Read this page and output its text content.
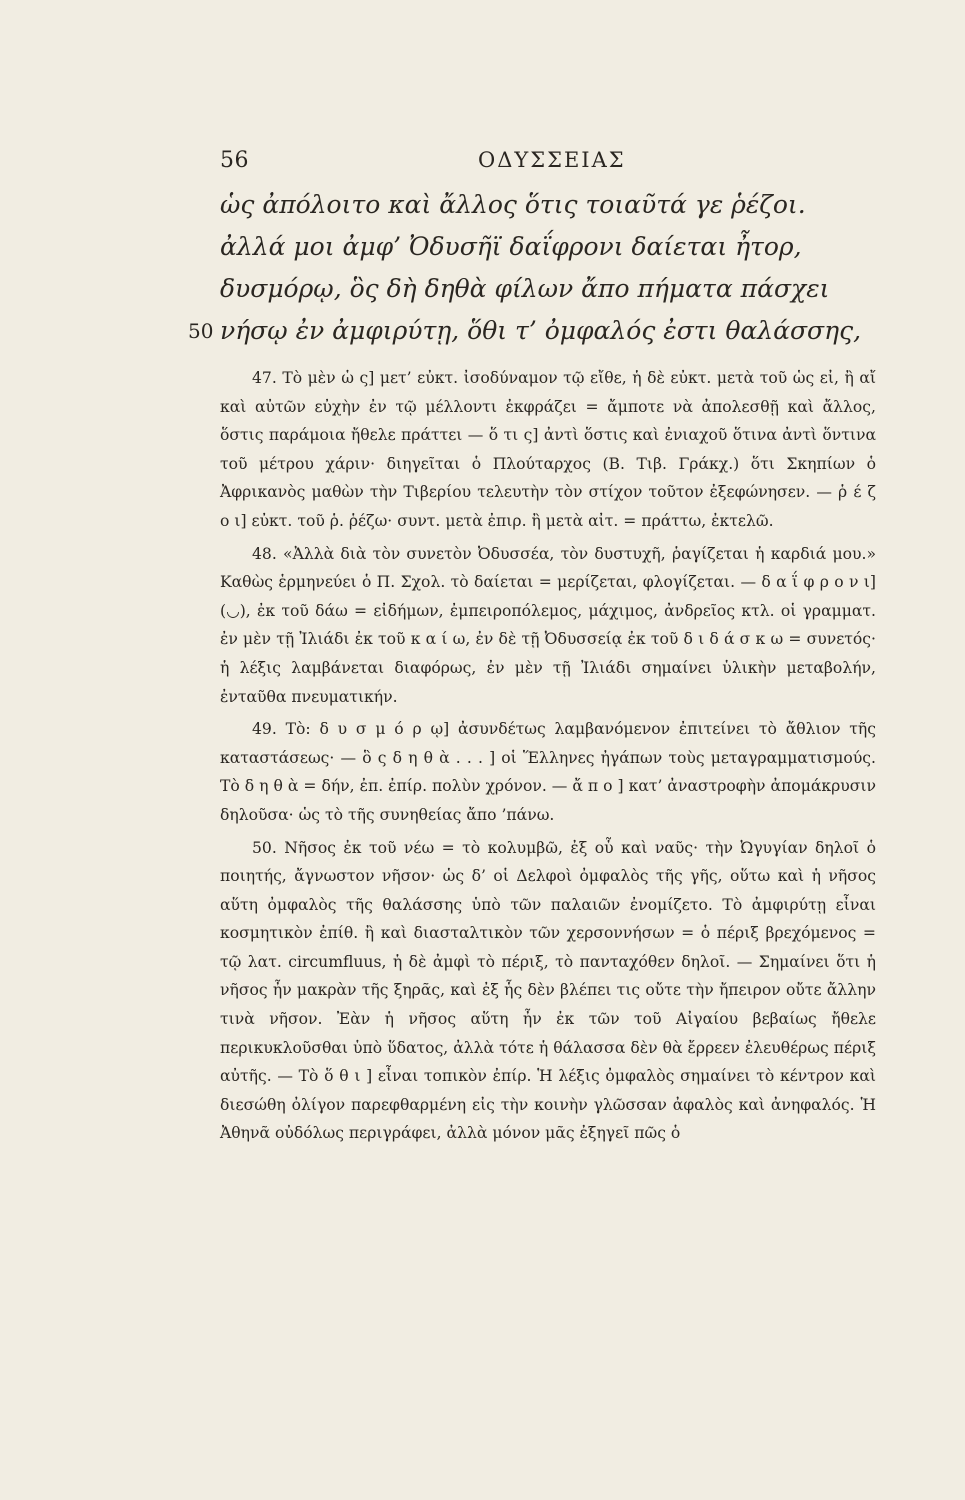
56	ΟΔΥΣΣΕΙΑΣ
ὡς ἀπόλοιτο καὶ ἄλλος ὅτις τοιαῦτά γε ῥέζοι.
ἀλλά μοι ἀμφ’ Ὀδυσῆϊ δαΐφρονι δαίεται ἦτορ,
δυσμόρῳ, ὃς δὴ δηθὰ φίλων ἄπο πήματα πάσχει
50 νήσῳ ἐν ἀμφιρύτῃ, ὅθι τ’ ὀμφαλός ἐστι θαλάσσης,

47. Τὸ μὲν ὡ ς] μετ’ εὐκτ. ἰσοδύναμον τῷ εἴθε, ἡ δὲ εὐκτ. μετὰ τοῦ ὡς εἰ, ἢ αἴ καὶ αὐτῶν εὐχὴν ἐν τῷ μέλλοντι ἐκφράζει = ἄμποτε νὰ ἀπολεσθῇ καὶ ἄλλος, ὅστις παράμοια ἤθελε πράττει — ὅ τι ς] ἀντὶ ὅστις καὶ ἐνιαχοῦ ὅτινα ἀντὶ ὅντινα τοῦ μέτρου χάριν· διηγεῖται ὁ Πλούταρχος (Β. Τιβ. Γράκχ.) ὅτι Σκηπίων ὁ Ἀφρικανὸς μαθὼν τὴν Τιβερίου τελευτὴν τὸν στίχον τοῦτον ἐξεφώνησεν. — ῥ έ ζ ο ι] εὐκτ. τοῦ ῥ. ῥέζω· συντ. μετὰ ἐπιρ. ἢ μετὰ αἰτ. = πράττω, ἐκτελῶ.

48. «Ἀλλὰ διὰ τὸν συνετὸν Ὀδυσσέα, τὸν δυστυχῆ, ῥαγίζεται ἡ καρδιά μου.» Καθὼς ἑρμηνεύει ὁ Π. Σχολ. τὸ δαίεται = μερίζεται, φλογίζεται. — δ α ΐ φ ρ ο ν ι] (◡), ἐκ τοῦ δάω = εἰδήμων, ἐμπειροπόλεμος, μάχιμος, ἀνδρεῖος κτλ. οἱ γραμματ. ἐν μὲν τῇ Ἰλιάδι ἐκ τοῦ κ α ί ω, ἐν δὲ τῇ Ὀδυσσείᾳ ἐκ τοῦ δ ι δ ά σ κ ω = συνετός· ἡ λέξις λαμβάνεται διαφόρως, ἐν μὲν τῇ Ἰλιάδι σημαίνει ὑλικὴν μεταβολήν, ἐνταῦθα πνευματικήν.

49. Τὸ: δ υ σ μ ό ρ ῳ] ἀσυνδέτως λαμβανόμενον ἐπιτείνει τὸ ἄθλιον τῆς καταστάσεως· — ὃ ς δ η θ ὰ . . . ] οἱ Ἕλληνες ἠγάπων τοὺς μεταγραμματισμούς. Τὸ δ η θ ὰ = δήν, ἐπ. ἐπίρ. πολὺν χρόνον. — ἄ π ο ] κατ’ ἀναστροφὴν ἀπομάκρυσιν δηλοῦσα· ὡς τὸ τῆς συνηθείας ἄπο ’πάνω.

50. Νῆσος ἐκ τοῦ νέω = τὸ κολυμβῶ, ἐξ οὗ καὶ ναῦς· τὴν Ὠγυγίαν δηλοῖ ὁ ποιητής, ἄγνωστον νῆσον· ὡς δ’ οἱ Δελφοὶ ὀμφαλὸς τῆς γῆς, οὕτω καὶ ἡ νῆσος αὕτη ὀμφαλὸς τῆς θαλάσσης ὑπὸ τῶν παλαιῶν ἐνομίζετο. Τὸ ἀμφιρύτῃ εἶναι κοσμητικὸν ἐπίθ. ἢ καὶ διασταλτικὸν τῶν χερσοννήσων = ὁ πέριξ βρεχόμενος = τῷ λατ. circumfluus, ἡ δὲ ἀμφὶ τὸ πέριξ, τὸ πανταχόθεν δηλοῖ. — Σημαίνει ὅτι ἡ νῆσος ἦν μακρὰν τῆς ξηρᾶς, καὶ ἐξ ἧς δὲν βλέπει τις οὔτε τὴν ἤπειρον οὔτε ἄλλην τινὰ νῆσον. Ἐὰν ἡ νῆσος αὕτη ἦν ἐκ τῶν τοῦ Αἰγαίου βεβαίως ἤθελε περικυκλοῦσθαι ὑπὸ ὕδατος, ἀλλὰ τότε ἡ θάλασσα δὲν θὰ ἔρρεεν ἐλευθέρως πέριξ αὐτῆς. — Τὸ ὅ θ ι ] εἶναι τοπικὸν ἐπίρ. Ἡ λέξις ὀμφαλὸς σημαίνει τὸ κέντρον καὶ διεσώθη ὀλίγον παρεφθαρμένη εἰς τὴν κοινὴν γλῶσσαν ἀφαλὸς καὶ ἀνηφαλός. Ἡ Ἀθηνᾶ οὐδόλως περιγράφει, ἀλλὰ μόνον μᾶς ἐξηγεῖ πῶς ὁ
